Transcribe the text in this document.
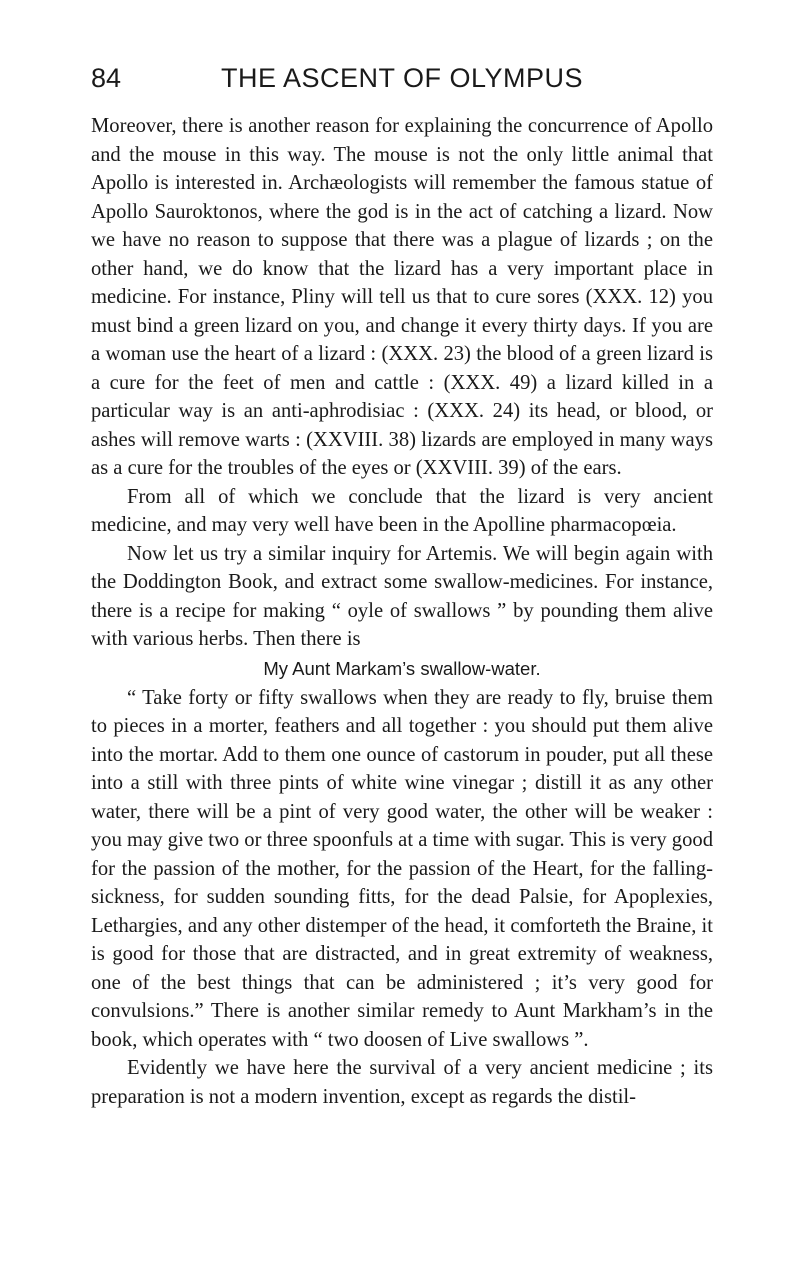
84	THE ASCENT OF OLYMPUS

Moreover, there is another reason for explaining the concurrence of Apollo and the mouse in this way. The mouse is not the only little animal that Apollo is interested in. Archæologists will remember the famous statue of Apollo Sauroktonos, where the god is in the act of catching a lizard. Now we have no reason to suppose that there was a plague of lizards ; on the other hand, we do know that the lizard has a very important place in medicine. For instance, Pliny will tell us that to cure sores (XXX. 12) you must bind a green lizard on you, and change it every thirty days. If you are a woman use the heart of a lizard : (XXX. 23) the blood of a green lizard is a cure for the feet of men and cattle : (XXX. 49) a lizard killed in a particular way is an anti-aphrodisiac : (XXX. 24) its head, or blood, or ashes will remove warts : (XXVIII. 38) lizards are employed in many ways as a cure for the troubles of the eyes or (XXVIII. 39) of the ears.

From all of which we conclude that the lizard is very ancient medicine, and may very well have been in the Apolline pharmacopœia.

Now let us try a similar inquiry for Artemis. We will begin again with the Doddington Book, and extract some swallow-medicines. For instance, there is a recipe for making “ oyle of swallows ” by pounding them alive with various herbs. Then there is

My Aunt Markam’s swallow-water.

“ Take forty or fifty swallows when they are ready to fly, bruise them to pieces in a morter, feathers and all together : you should put them alive into the mortar. Add to them one ounce of castorum in pouder, put all these into a still with three pints of white wine vinegar ; distill it as any other water, there will be a pint of very good water, the other will be weaker : you may give two or three spoonfuls at a time with sugar. This is very good for the passion of the mother, for the passion of the Heart, for the falling-sickness, for sudden sounding fitts, for the dead Palsie, for Apoplexies, Lethargies, and any other distemper of the head, it comforteth the Braine, it is good for those that are distracted, and in great extremity of weakness, one of the best things that can be administered ; it’s very good for convulsions.” There is another similar remedy to Aunt Markham’s in the book, which operates with “ two doosen of Live swallows ”.

Evidently we have here the survival of a very ancient medicine ; its preparation is not a modern invention, except as regards the distil-
